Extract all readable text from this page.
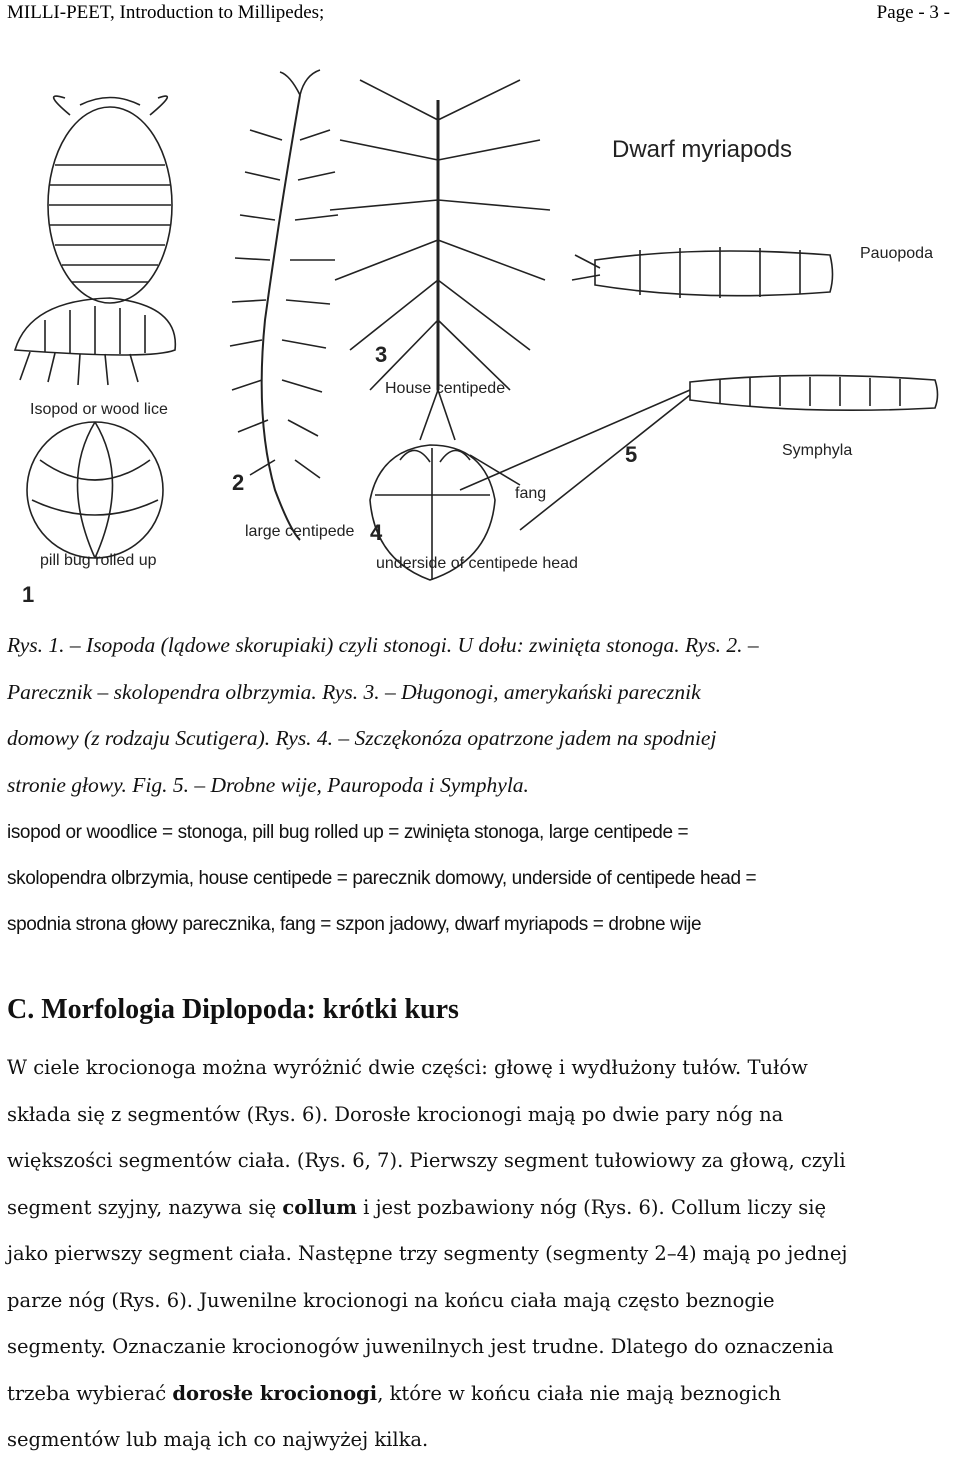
MILLI-PEET, Introduction to Millipedes;	Page - 3 -
Dwarf myriapods
Pauopoda
Isopod or wood lice
3
House centipede
fang
5	Symphyla
2
large centipede 4
underside of centipede head
pill bug rolled up
1
Rys. 1. – Isopoda (lądowe skorupiaki) czyli stonogi. U dołu: zwinięta stonoga. Rys. 2. –
Parecznik – skolopendra olbrzymia. Rys. 3. – Długonogi, amerykański parecznik
domowy (z rodzaju Scutigera). Rys. 4. – Szczękonóza opatrzone jadem na spodniej
stronie głowy. Fig. 5. – Drobne wije, Pauropoda i Symphyla.
isopod or woodlice = stonoga, pill bug rolled up = zwinięta stonoga, large centipede =
skolopendra olbrzymia, house centipede = parecznik domowy, underside of centipede head =
spodnia strona głowy parecznika, fang = szpon jadowy, dwarf myriapods = drobne wije
C. Morfologia Diplopoda: krótki kurs
W ciele krocionoga można wyróżnić dwie części: głowę i wydłużony tułów. Tułów
składa się z segmentów (Rys. 6). Dorosłe krocionogi mają po dwie pary nóg na
większości segmentów ciała. (Rys. 6, 7). Pierwszy segment tułowiowy za głową, czyli
segment szyjny, nazywa się collum i jest pozbawiony nóg (Rys. 6). Collum liczy się
jako pierwszy segment ciała. Następne trzy segmenty (segmenty 2–4) mają po jednej
parze nóg (Rys. 6). Juwenilne krocionogi na końcu ciała mają często beznogie
segmenty. Oznaczanie krocionogów juwenilnych jest trudne. Dlatego do oznaczenia
trzeba wybierać dorosłe krocionogi, które w końcu ciała nie mają beznogich
segmentów lub mają ich co najwyżej kilka.
